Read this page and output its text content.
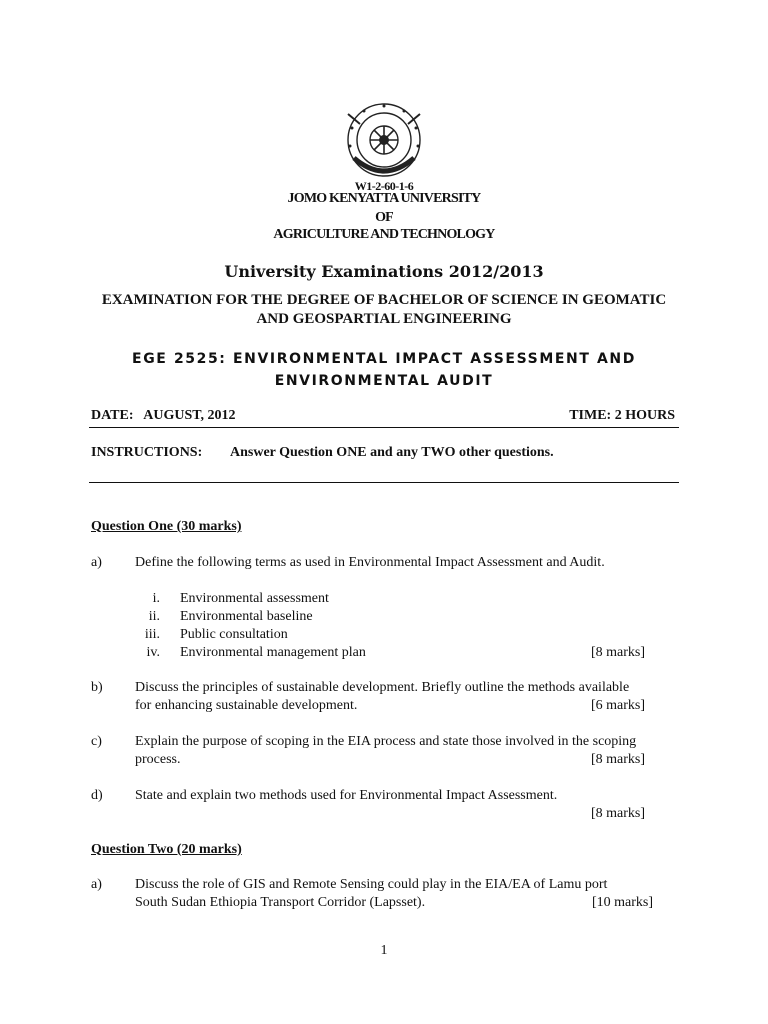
W1-2-60-1-6
JOMO KENYATTA UNIVERSITY
OF
AGRICULTURE AND TECHNOLOGY
University Examinations 2012/2013
EXAMINATION FOR THE DEGREE OF BACHELOR OF SCIENCE IN GEOMATIC
AND GEOSPARTIAL ENGINEERING
EGE 2525: ENVIRONMENTAL IMPACT ASSESSMENT AND
ENVIRONMENTAL AUDIT
DATE:   AUGUST, 2012	TIME: 2 HOURS
INSTRUCTIONS: Answer Question ONE and any TWO other questions.
Question One (30 marks)
a) Define the following terms as used in Environmental Impact Assessment and Audit.
i. Environmental assessment
ii. Environmental baseline
iii. Public consultation
iv. Environmental management plan	[8 marks]
b) Discuss the principles of sustainable development. Briefly outline the methods available
for enhancing sustainable development.	[6 marks]
c) Explain the purpose of scoping in the EIA process and state those involved in the scoping
process.	[8 marks]
d) State and explain two methods used for Environmental Impact Assessment.
[8 marks]
Question Two (20 marks)
a) Discuss the role of GIS and Remote Sensing could play in the EIA/EA of Lamu port
South Sudan Ethiopia Transport Corridor (Lapsset).	[10 marks]
1
